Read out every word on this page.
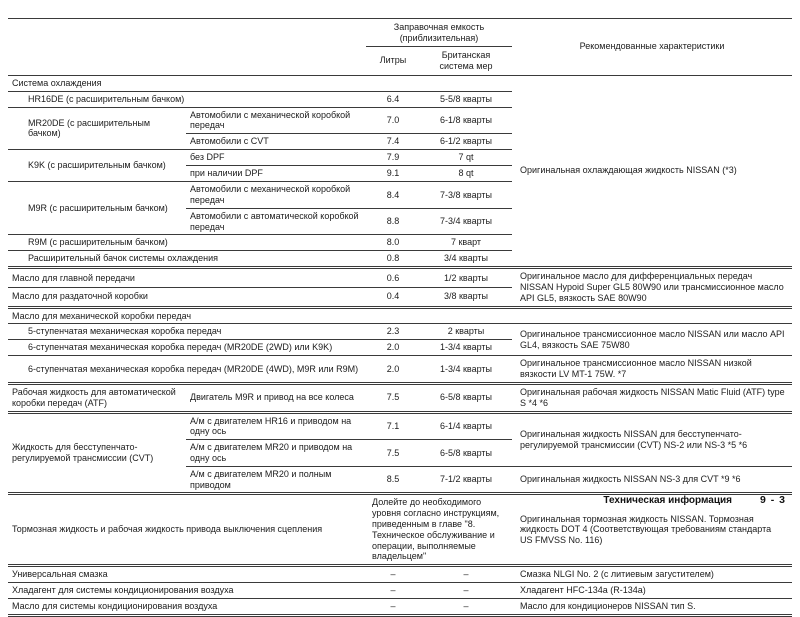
		Заправочная емкость
(приблизительная)		Рекомендованные характеристики
		Литры	Британская
система мер	

Система охлаждения				Оригинальная охлаждающая жидкость NISSAN (*3)
HR16DE (с расширительным бачком)		6.4	5-5/8 кварты	
MR20DE (с расширительным бачком)	Автомобили с механической коробкой передач	7.0	6-1/8 кварты	
	Автомобили с CVT	7.4	6-1/2 кварты	
K9K (с расширительным бачком)	без DPF	7.9	7 qt	
	при наличии DPF	9.1	8 qt	
M9R (с расширительным бачком)	Автомобили с механической коробкой передач	8.4	7-3/8 кварты	
	Автомобили с автоматической коробкой передач	8.8	7-3/4 кварты	
R9M (с расширительным бачком)		8.0	7 кварт	
Расширительный бачок системы охлаждения		0.8	3/4 кварты	
Масло для главной передачи		0.6	1/2 кварты	Оригинальное масло для дифференциальных передач NISSAN Hypoid Super GL5 80W90 или трансмиссионное масло API GL5, вязкость SAE 80W90
Масло для раздаточной коробки		0.4	3/8 кварты	
Масло для механической коробки передач				
5-ступенчатая механическая коробка передач		2.3	2 кварты	Оригинальное трансмиссионное масло NISSAN или масло API GL4, вязкость SAE 75W80
6-ступенчатая механическая коробка передач (MR20DE (2WD) или K9K)		2.0	1-3/4 кварты	
6-ступенчатая механическая коробка передач (MR20DE (4WD), M9R или R9M)		2.0	1-3/4 кварты	Оригинальное трансмиссионное масло NISSAN низкой вязкости LV MT-1 75W. *7
Рабочая жидкость для автоматической коробки передач (ATF)	Двигатель M9R и привод на все колеса	7.5	6-5/8 кварты	Оригинальная рабочая жидкость NISSAN Matic Fluid (ATF) type S *4 *6
Жидкость для бесступенчато-регулируемой трансмиссии (CVT)	А/м с двигателем HR16 и приводом на одну ось	7.1	6-1/4 кварты	Оригинальная жидкость NISSAN для бесступенчато-регулируемой трансмиссии (CVT) NS-2 или NS-3 *5 *6
	А/м с двигателем MR20 и приводом на одну ось	7.5	6-5/8 кварты	
	А/м с двигателем MR20 и полным приводом	8.5	7-1/2 кварты	Оригинальная жидкость NISSAN NS-3 для CVT *9 *6
Тормозная жидкость и рабочая жидкость привода выключения сцепления		Долейте до необходимого уровня согласно инструкциям, приведенным в главе "8. Техническое обслуживание и операции, выполняемые владельцем"		Оригинальная тормозная жидкость NISSAN. Тормозная жидкость DOT 4 (Соответствующая требованиям стандарта US FMVSS No. 116)
Универсальная смазка		–	–	Смазка NLGI No. 2 (с литиевым загустителем)
Хладагент для системы кондиционирования воздуха		–	–	Хладагент HFC-134a (R-134a)
Масло для системы кондиционирования воздуха		–	–	Масло для кондиционеров NISSAN тип S.
Техническая информация	9 - 3
